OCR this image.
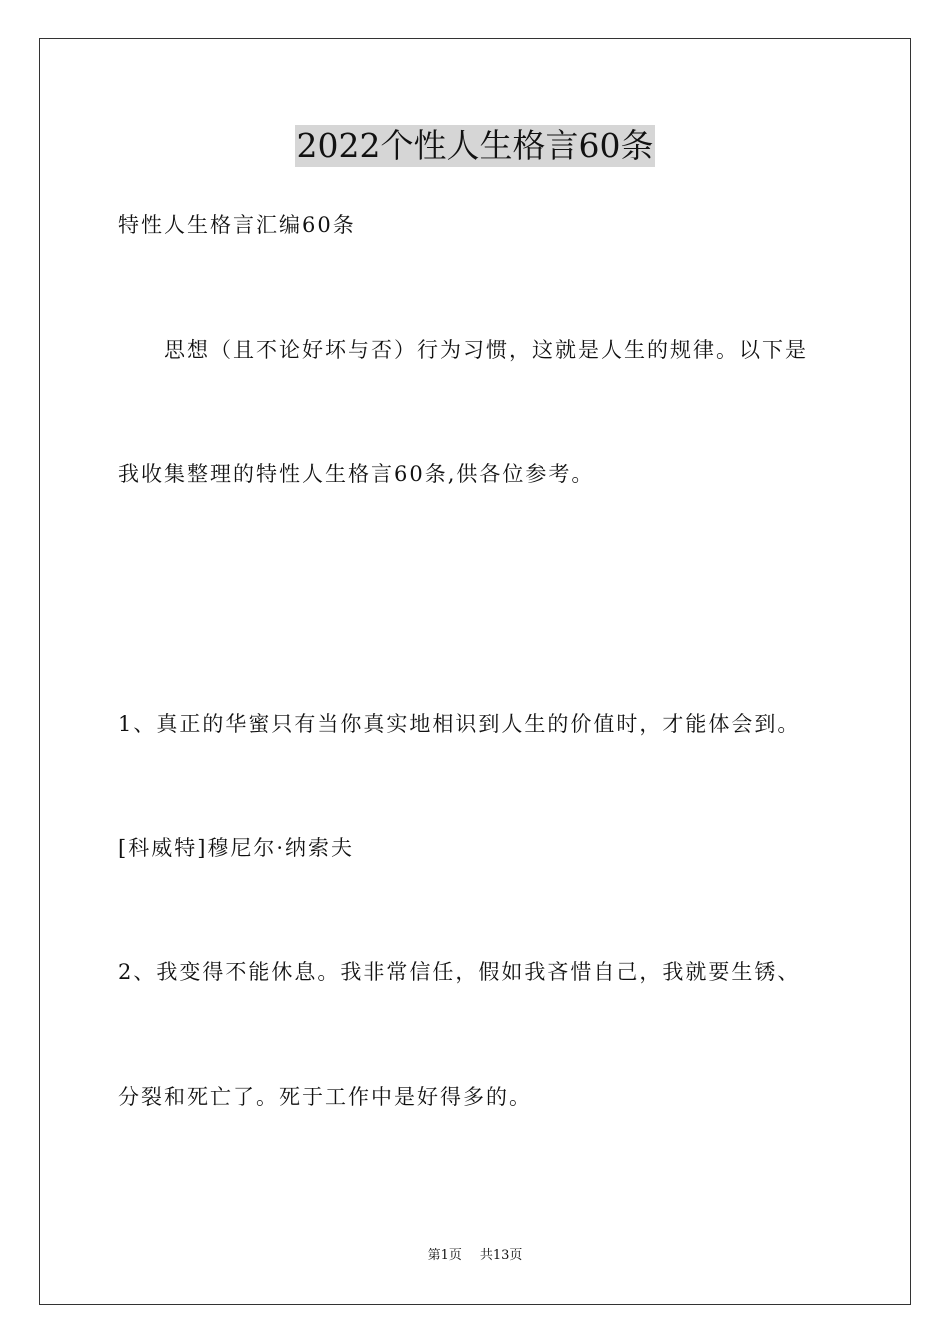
2022个性人生格言60条
特性人生格言汇编60条
　　思想（且不论好坏与否）行为习惯，这就是人生的规律。以下是
我收集整理的特性人生格言60条,供各位参考。
1、真正的华蜜只有当你真实地相识到人生的价值时，才能体会到。
[科威特]穆尼尔·纳索夫
2、我变得不能休息。我非常信任，假如我吝惜自己，我就要生锈、
分裂和死亡了。死于工作中是好得多的。
第1页 共13页
